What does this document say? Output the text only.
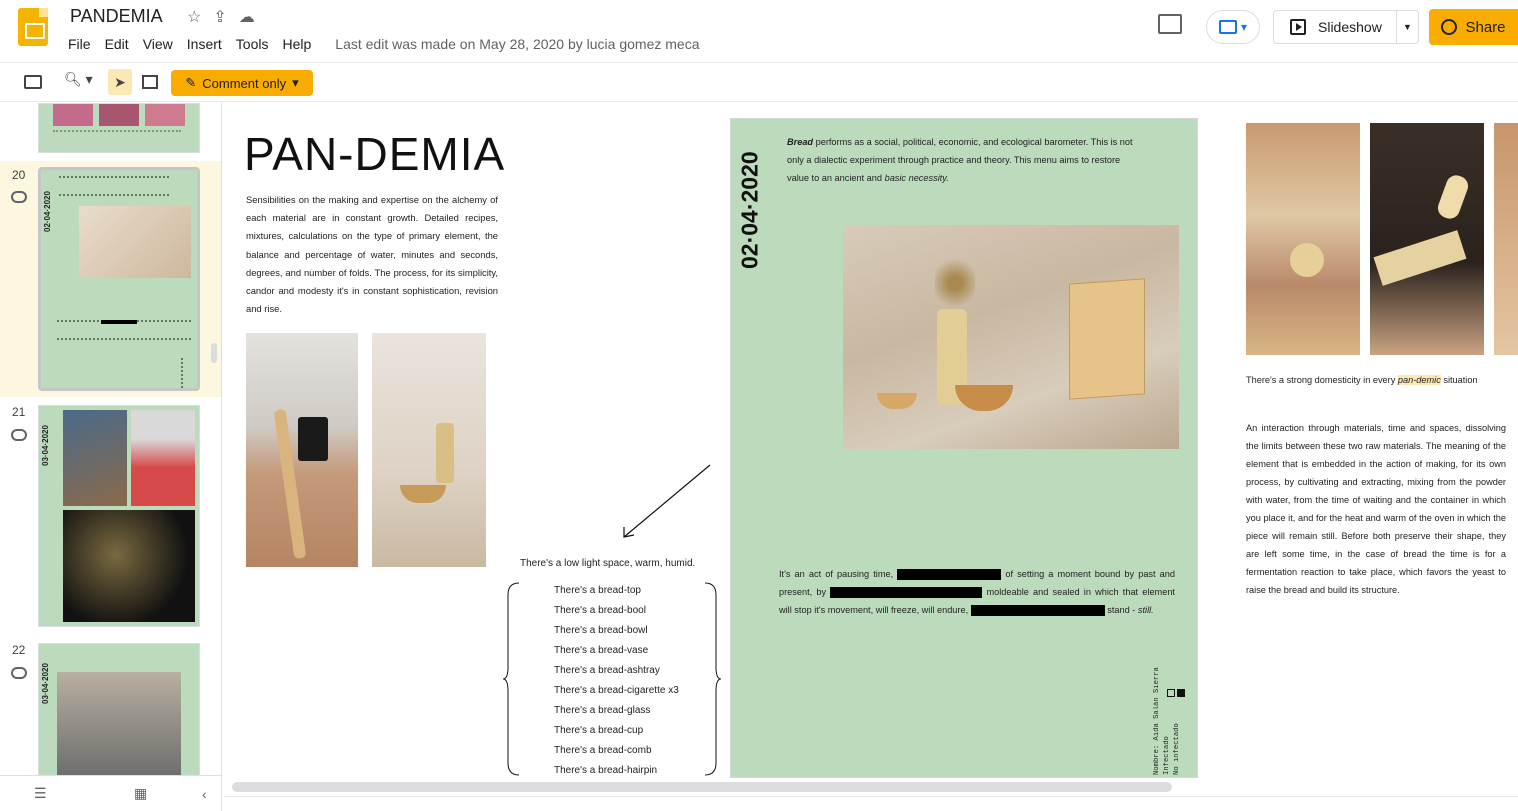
PANDEMIA ☆ ⇪ ☁
File Edit View Insert Tools Help Last edit was made on May 28, 2020 by lucia gomez meca
▾	Slideshow	▼	Share
🔍︎ ▾	➤	✎ Comment only ▾
20
02·04·2020
21
03·04·2020
22
03·04·2020
☰	▦	‹
PAN-DEMIA
Sensibilities on the making and expertise on the alchemy of each material are in constant growth. Detailed recipes, mixtures, calculations on the type of primary element, the balance and percentage of water, minutes and seconds, degrees, and number of folds. The process, for its simplicity, candor and modesty it's in constant sophistication, revision and rise.
There's a low light space, warm, humid.
There's a bread-top
There's a bread-bool
There's a bread-bowl
There's a bread-vase
There's a bread-ashtray
There's a bread-cigarette x3
There's a bread-glass
There's a bread-cup
There's a bread-comb
There's a bread-hairpin
02·04·2020
Bread performs as a social, political, economic, and ecological barometer. This is not only a dialectic experiment through practice and theory. This menu aims to restore value to an ancient and basic necessity.
It's an act of pausing time,	of setting a moment bound by past and present, by	moldeable and sealed in which that element will stop it's movement, will freeze, will endure,	stand - still.
Nombre: Aida Salán Sierra Infectado No infectado
There's a strong domesticity in every pan-demic situation
An interaction through materials, time and spaces, dissolving the limits between these two raw materials. The meaning of the element that is embedded in the action of making, for its own process, by cultivating and extracting, mixing from the powder with water, from the time of waiting and the container in which you place it, and for the heat and warm of the oven in which the piece will remain still. Before both preserve their shape, they are left some time, in the case of bread the time is for a fermentation reaction to take place, which favors the yeast to raise the bread and build its structure.
